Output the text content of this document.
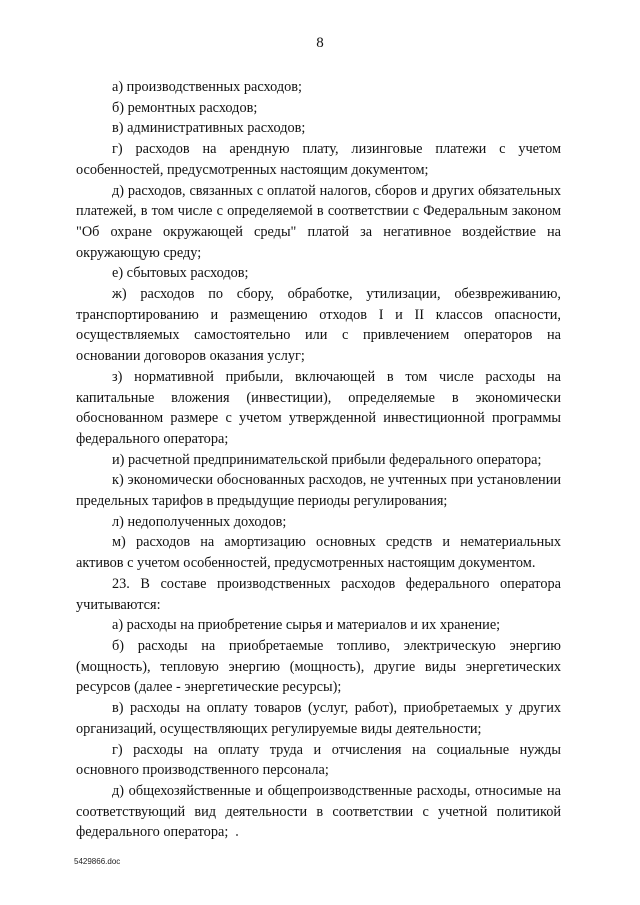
8

а) производственных расходов;

б) ремонтных расходов;

в) административных расходов;

г) расходов на арендную плату, лизинговые платежи с учетом особенностей, предусмотренных настоящим документом;

д) расходов, связанных с оплатой налогов, сборов и других обязательных платежей, в том числе с определяемой в соответствии с Федеральным законом "Об охране окружающей среды" платой за негативное воздействие на окружающую среду;

е) сбытовых расходов;

ж) расходов по сбору, обработке, утилизации, обезвреживанию, транспортированию и размещению отходов I и II классов опасности, осуществляемых самостоятельно или с привлечением операторов на основании договоров оказания услуг;

з) нормативной прибыли, включающей в том числе расходы на капитальные вложения (инвестиции), определяемые в экономически обоснованном размере с учетом утвержденной инвестиционной программы федерального оператора;

и) расчетной предпринимательской прибыли федерального оператора;

к) экономически обоснованных расходов, не учтенных при установлении предельных тарифов в предыдущие периоды регулирования;

л) недополученных доходов;

м) расходов на амортизацию основных средств и нематериальных активов с учетом особенностей, предусмотренных настоящим документом.

23. В составе производственных расходов федерального оператора учитываются:

а) расходы на приобретение сырья и материалов и их хранение;

б) расходы на приобретаемые топливо, электрическую энергию (мощность), тепловую энергию (мощность), другие виды энергетических ресурсов (далее - энергетические ресурсы);

в) расходы на оплату товаров (услуг, работ), приобретаемых у других организаций, осуществляющих регулируемые виды деятельности;

г) расходы на оплату труда и отчисления на социальные нужды основного производственного персонала;

д) общехозяйственные и общепроизводственные расходы, относимые на соответствующий вид деятельности в соответствии с учетной политикой федерального оператора;

5429866.doc
